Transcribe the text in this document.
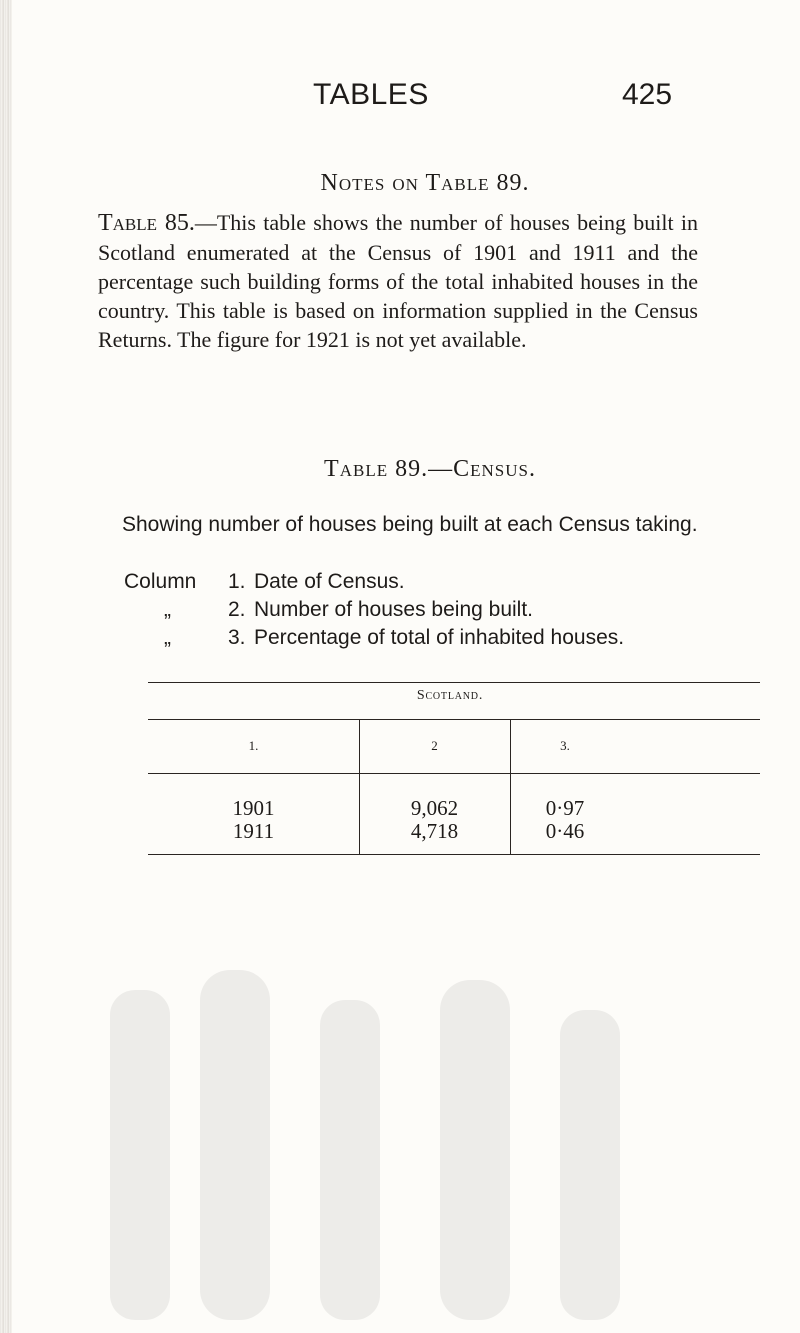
TABLES	425
Notes on Table 89.
Table 85.—This table shows the number of houses being built in Scotland enumerated at the Census of 1901 and 1911 and the percentage such building forms of the total inhabited houses in the country. This table is based on information supplied in the Census Returns. The figure for 1921 is not yet available.
Table 89.—Census.
Showing number of houses being built at each Census taking.
Column	1. Date of Census.
„	2. Number of houses being built.
„	3. Percentage of total of inhabited houses.
Scotland.
1.	2	3.
1901	9,062	0·97
1911	4,718	0·46
